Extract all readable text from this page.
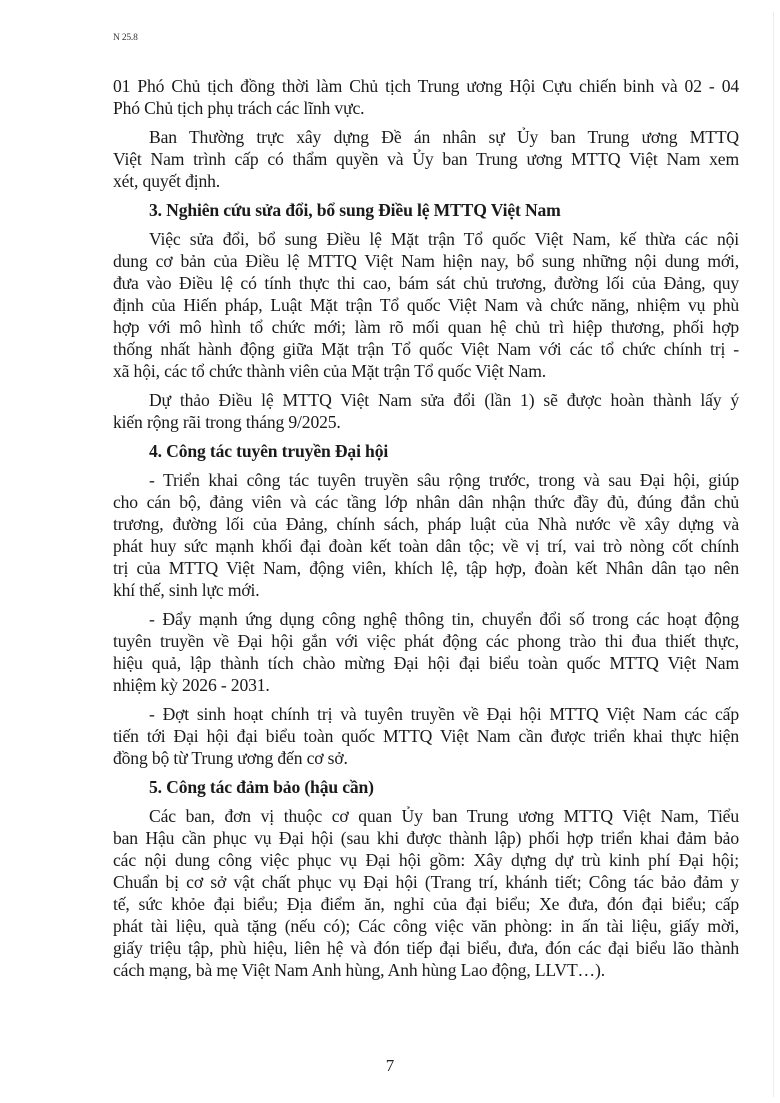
N 25.8
01 Phó Chủ tịch đồng thời làm Chủ tịch Trung ương Hội Cựu chiến binh và 02 - 04
Phó Chủ tịch phụ trách các lĩnh vực.
Ban Thường trực xây dựng Đề án nhân sự Ủy ban Trung ương MTTQ
Việt Nam trình cấp có thẩm quyền và Ủy ban Trung ương MTTQ Việt Nam xem
xét, quyết định.
3. Nghiên cứu sửa đổi, bổ sung Điều lệ MTTQ Việt Nam
Việc sửa đổi, bổ sung Điều lệ Mặt trận Tổ quốc Việt Nam, kế thừa các nội
dung cơ bản của Điều lệ MTTQ Việt Nam hiện nay, bổ sung những nội dung mới,
đưa vào Điều lệ có tính thực thi cao, bám sát chủ trương, đường lối của Đảng, quy
định của Hiến pháp, Luật Mặt trận Tổ quốc Việt Nam và chức năng, nhiệm vụ phù
hợp với mô hình tổ chức mới; làm rõ mối quan hệ chủ trì hiệp thương, phối hợp
thống nhất hành động giữa Mặt trận Tổ quốc Việt Nam với các tổ chức chính trị -
xã hội, các tổ chức thành viên của Mặt trận Tổ quốc Việt Nam.
Dự thảo Điều lệ MTTQ Việt Nam sửa đổi (lần 1) sẽ được hoàn thành lấy ý
kiến rộng rãi trong tháng 9/2025.
4. Công tác tuyên truyền Đại hội
- Triển khai công tác tuyên truyền sâu rộng trước, trong và sau Đại hội, giúp
cho cán bộ, đảng viên và các tầng lớp nhân dân nhận thức đầy đủ, đúng đắn chủ
trương, đường lối của Đảng, chính sách, pháp luật của Nhà nước về xây dựng và
phát huy sức mạnh khối đại đoàn kết toàn dân tộc; về vị trí, vai trò nòng cốt chính
trị của MTTQ Việt Nam, động viên, khích lệ, tập hợp, đoàn kết Nhân dân tạo nên
khí thế, sinh lực mới.
- Đẩy mạnh ứng dụng công nghệ thông tin, chuyển đổi số trong các hoạt động
tuyên truyền về Đại hội gắn với việc phát động các phong trào thi đua thiết thực,
hiệu quả, lập thành tích chào mừng Đại hội đại biểu toàn quốc MTTQ Việt Nam
nhiệm kỳ 2026 - 2031.
- Đợt sinh hoạt chính trị và tuyên truyền về Đại hội MTTQ Việt Nam các cấp
tiến tới Đại hội đại biểu toàn quốc MTTQ Việt Nam cần được triển khai thực hiện
đồng bộ từ Trung ương đến cơ sở.
5. Công tác đảm bảo (hậu cần)
Các ban, đơn vị thuộc cơ quan Ủy ban Trung ương MTTQ Việt Nam, Tiểu
ban Hậu cần phục vụ Đại hội (sau khi được thành lập) phối hợp triển khai đảm bảo
các nội dung công việc phục vụ Đại hội gồm: Xây dựng dự trù kinh phí Đại hội;
Chuẩn bị cơ sở vật chất phục vụ Đại hội (Trang trí, khánh tiết; Công tác bảo đảm y
tế, sức khỏe đại biểu; Địa điểm ăn, nghỉ của đại biểu; Xe đưa, đón đại biểu; cấp
phát tài liệu, quà tặng (nếu có); Các công việc văn phòng: in ấn tài liệu, giấy mời,
giấy triệu tập, phù hiệu, liên hệ và đón tiếp đại biểu, đưa, đón các đại biểu lão thành
cách mạng, bà mẹ Việt Nam Anh hùng, Anh hùng Lao động, LLVT…).
7
